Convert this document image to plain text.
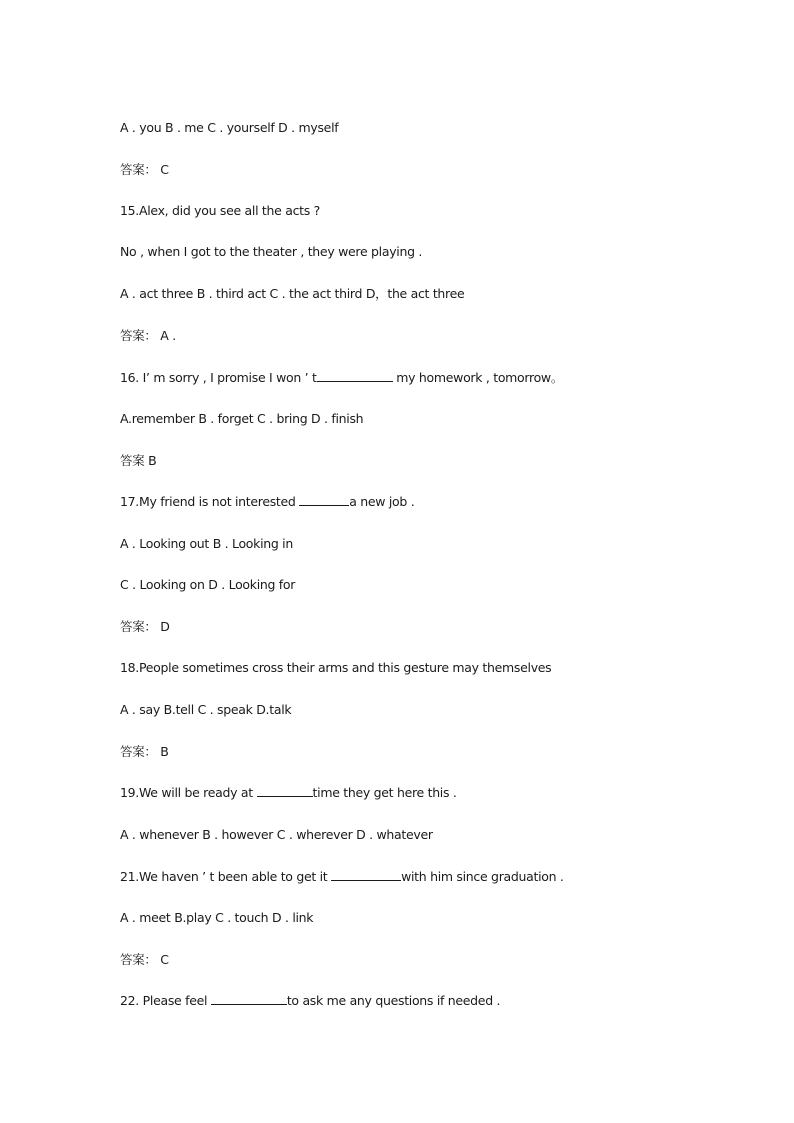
A . you B . me C . yourself D . myself

答案： C

15.Alex, did you see all the acts ?

No , when I got to the theater , they were playing .

A . act three B . third act C . the act third D，the act three

答案： A .

16. I’ m sorry , I promise I won ’ t	my homework , tomorrow。

A.remember B . forget C . bring D . finish

答案 B

17.My friend is not interested	a new job .

A . Looking out B . Looking in

C . Looking on D . Looking for

答案： D

18.People sometimes cross their arms and this gesture may themselves

A . say B.tell C . speak D.talk

答案： B

19.We will be ready at	time they get here this .

A . whenever B . however C . wherever D . whatever

21.We haven ’ t been able to get it	with him since graduation .

A . meet B.play C . touch D . link

答案： C

22. Please feel	to ask me any questions if needed .
